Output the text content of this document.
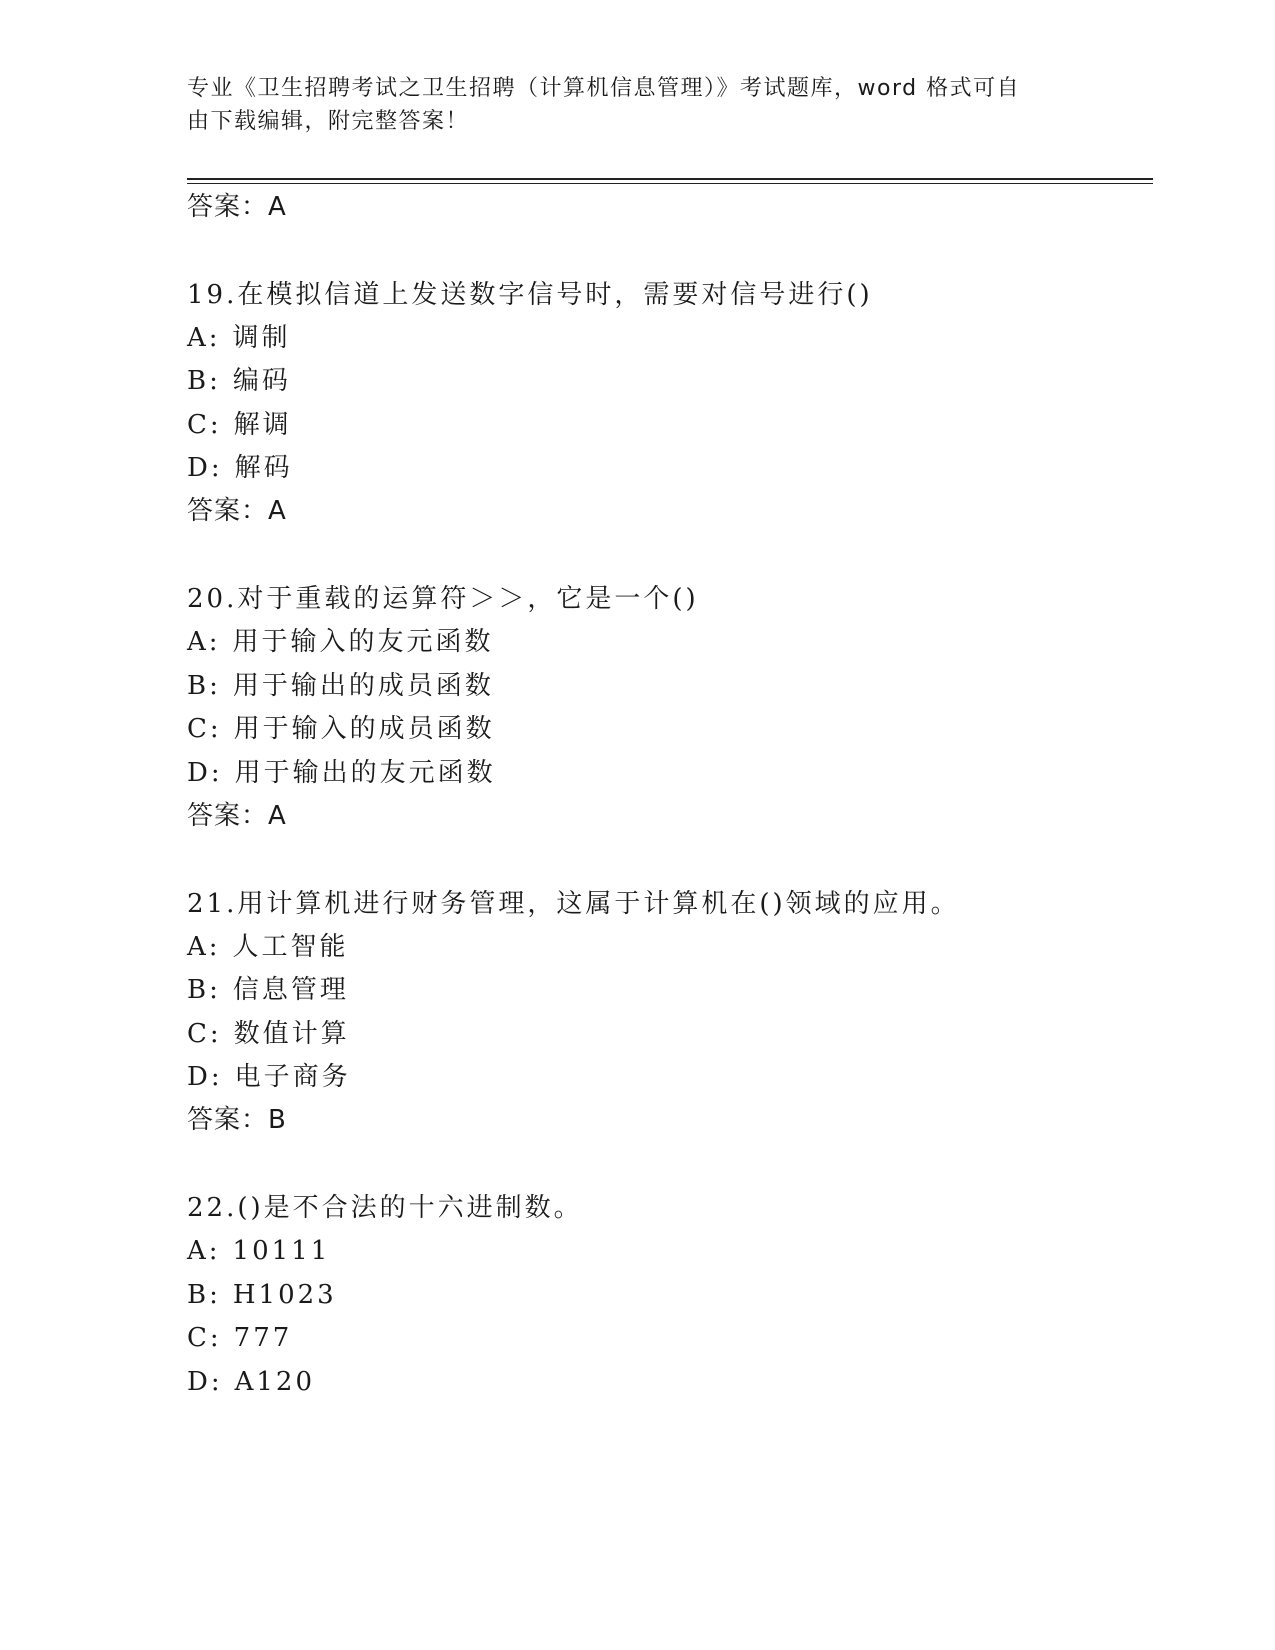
专业《卫生招聘考试之卫生招聘（计算机信息管理）》考试题库，word 格式可自
由下载编辑，附完整答案！
答案：A
19.在模拟信道上发送数字信号时，需要对信号进行()
A: 调制
B: 编码
C: 解调
D: 解码
答案：A
20.对于重载的运算符＞＞，它是一个()
A: 用于输入的友元函数
B: 用于输出的成员函数
C: 用于输入的成员函数
D: 用于输出的友元函数
答案：A
21.用计算机进行财务管理，这属于计算机在()领域的应用。
A: 人工智能
B: 信息管理
C: 数值计算
D: 电子商务
答案：B
22.()是不合法的十六进制数。
A: 10111
B: H1023
C: 777
D: A120
